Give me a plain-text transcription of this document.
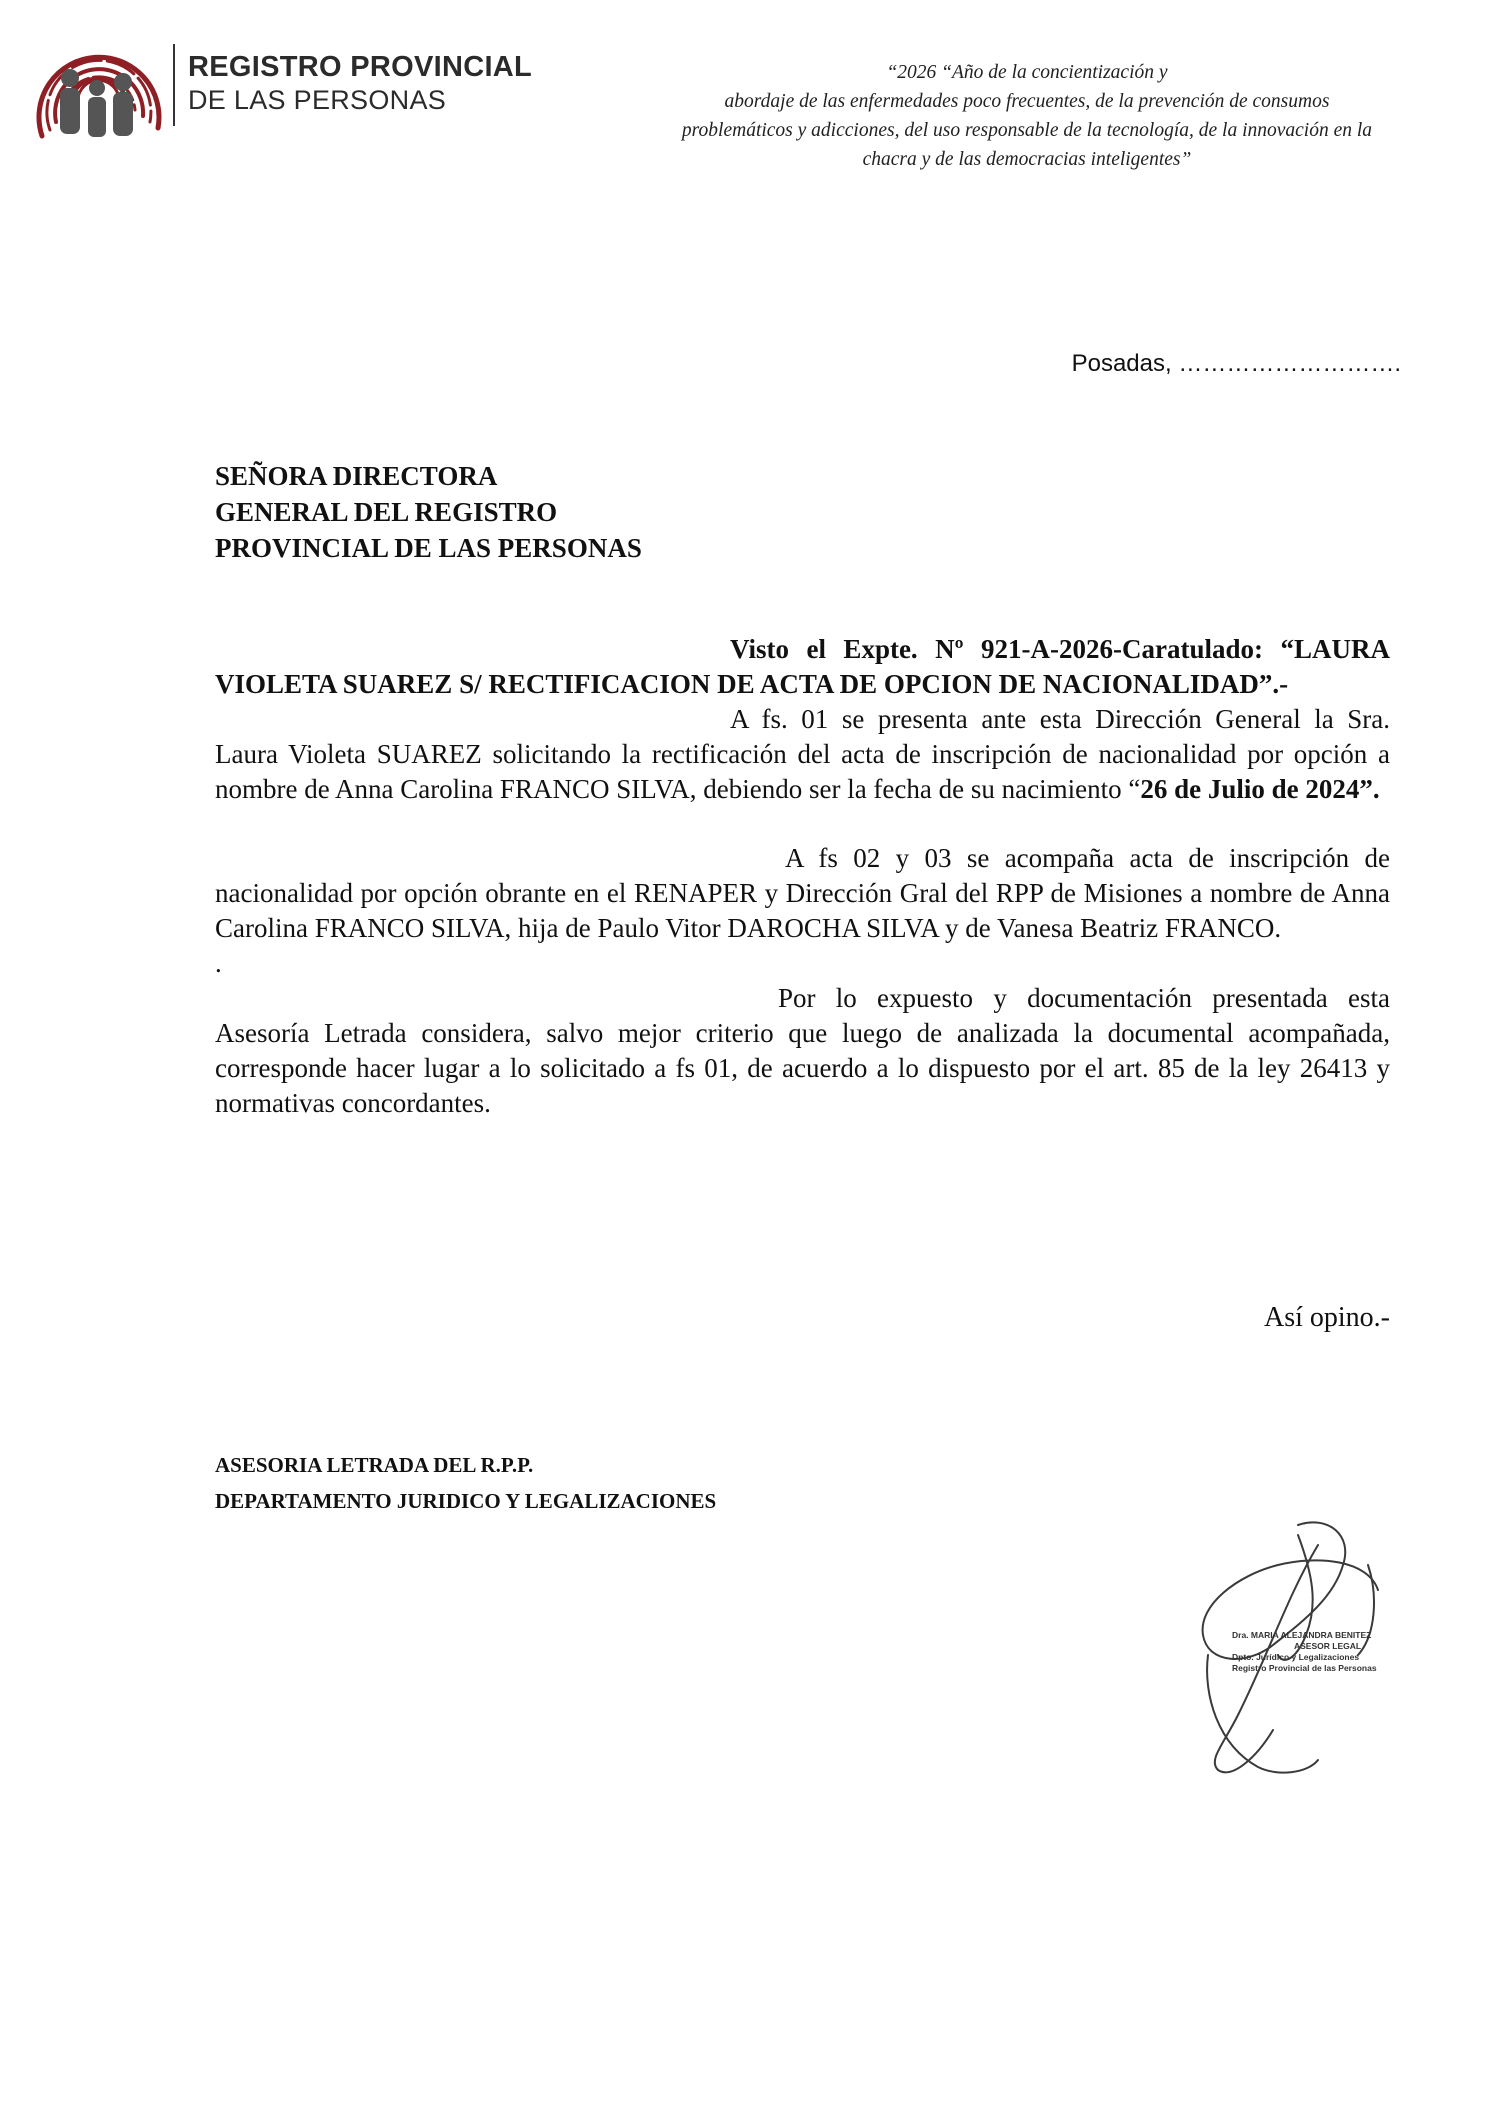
REGISTRO PROVINCIAL
DE LAS PERSONAS
“2026 “Año de la concientización y
abordaje de las enfermedades poco frecuentes, de la prevención de consumos
problemáticos y adicciones, del uso responsable de la tecnología, de la innovación en la
chacra y de las democracias inteligentes”
Posadas, ……………………….
SEÑORA DIRECTORA
GENERAL DEL REGISTRO
PROVINCIAL DE LAS PERSONAS

Visto el Expte. Nº 921-A-2026-Caratulado: “LAURA VIOLETA SUAREZ S/ RECTIFICACION DE ACTA DE OPCION DE NACIONALIDAD”.-

A fs. 01 se presenta ante esta Dirección General la Sra. Laura Violeta SUAREZ solicitando la rectificación del acta de inscripción de nacionalidad por opción a nombre de Anna Carolina FRANCO SILVA, debiendo ser la fecha de su nacimiento “26 de Julio de 2024”.

A fs 02 y 03 se acompaña acta de inscripción de nacionalidad por opción obrante en el RENAPER y Dirección Gral del RPP de Misiones a nombre de Anna Carolina FRANCO SILVA, hija de Paulo Vitor DAROCHA SILVA y de Vanesa Beatriz FRANCO.

.

Por lo expuesto y documentación presentada esta Asesoría Letrada considera, salvo mejor criterio que luego de analizada la documental acompañada, corresponde hacer lugar a lo solicitado a fs 01, de acuerdo a lo dispuesto por el art. 85 de la ley 26413 y normativas concordantes.

Así opino.-
ASESORIA LETRADA DEL R.P.P.
DEPARTAMENTO JURIDICO Y LEGALIZACIONES
Dra. MARIA ALEJANDRA BENITEZ
ASESOR LEGAL
Dpto. Jurídico y Legalizaciones
Registro Provincial de las Personas
